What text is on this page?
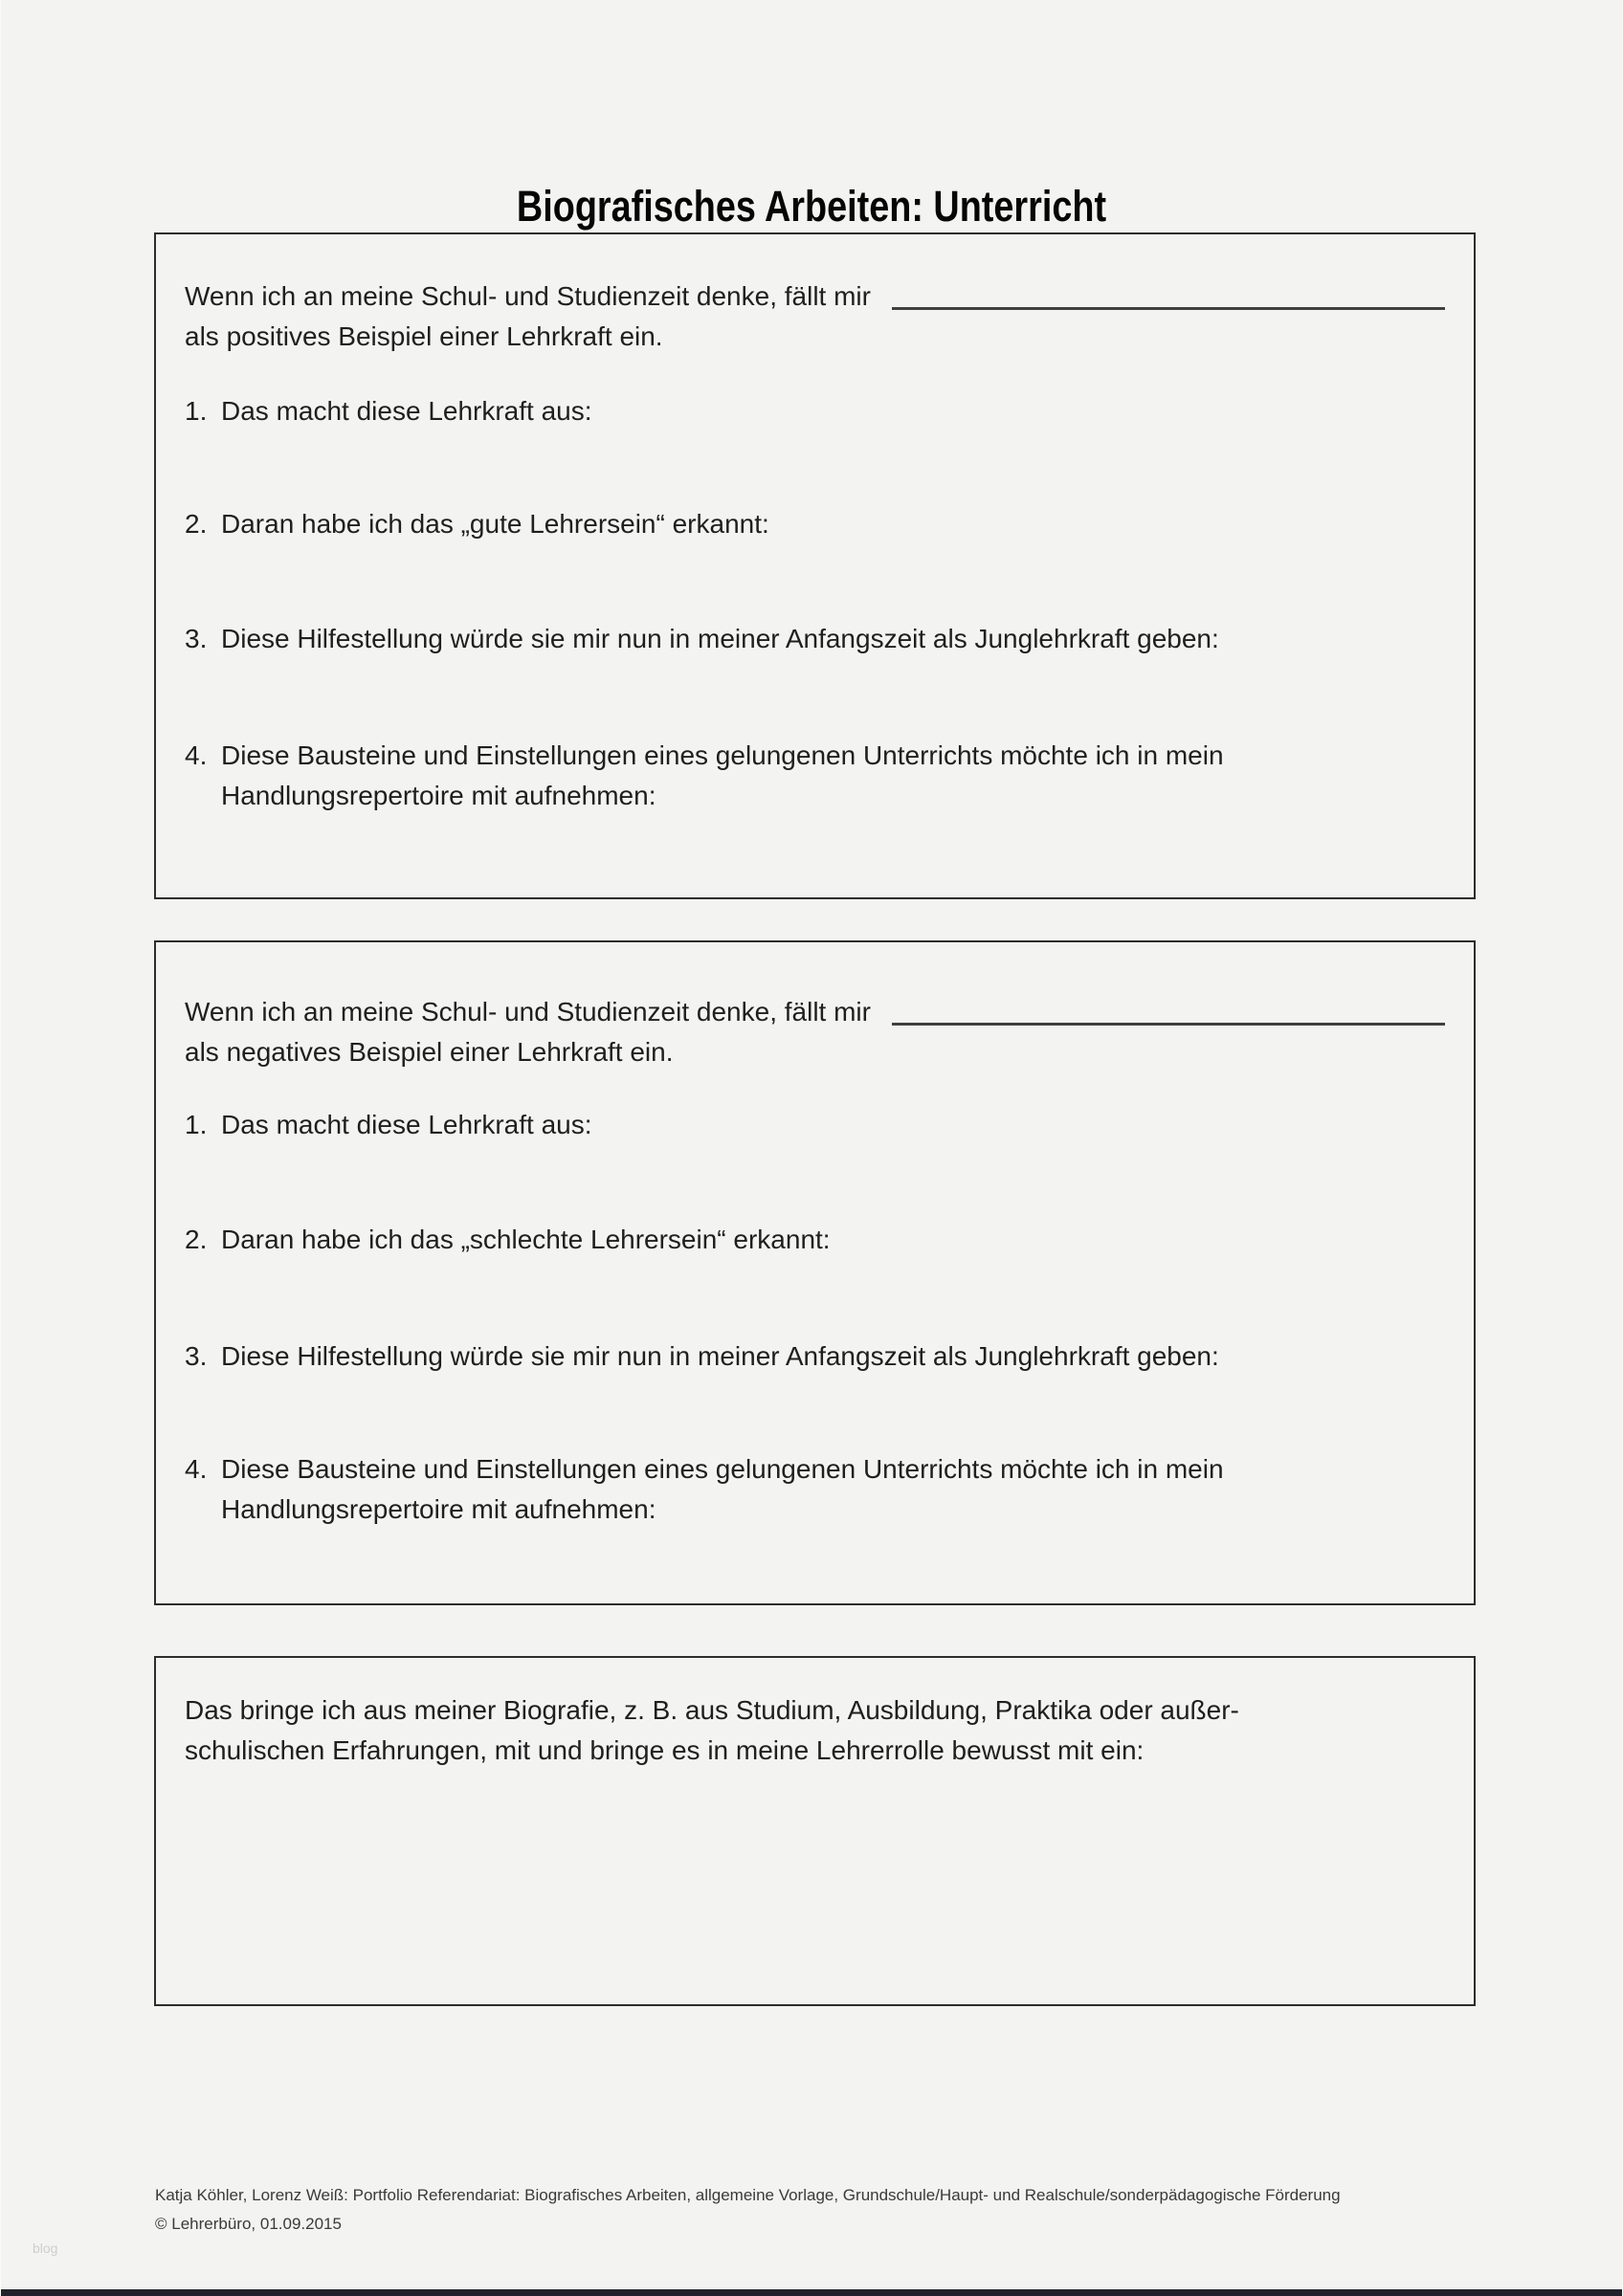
Biografisches Arbeiten: Unterricht
Wenn ich an meine Schul- und Studienzeit denke, fällt mir
als positives Beispiel einer Lehrkraft ein.

1. Das macht diese Lehrkraft aus:

2. Daran habe ich das „gute Lehrersein“ erkannt:

3. Diese Hilfestellung würde sie mir nun in meiner Anfangszeit als Junglehrkraft geben:

4. Diese Bausteine und Einstellungen eines gelungenen Unterrichts möchte ich in mein
Handlungsrepertoire mit aufnehmen:

Wenn ich an meine Schul- und Studienzeit denke, fällt mir
als negatives Beispiel einer Lehrkraft ein.

1. Das macht diese Lehrkraft aus:

2. Daran habe ich das „schlechte Lehrersein“ erkannt:

3. Diese Hilfestellung würde sie mir nun in meiner Anfangszeit als Junglehrkraft geben:

4. Diese Bausteine und Einstellungen eines gelungenen Unterrichts möchte ich in mein
Handlungsrepertoire mit aufnehmen:

Das bringe ich aus meiner Biografie, z. B. aus Studium, Ausbildung, Praktika oder außer-
schulischen Erfahrungen, mit und bringe es in meine Lehrerrolle bewusst mit ein:
Katja Köhler, Lorenz Weiß: Portfolio Referendariat: Biografisches Arbeiten, allgemeine Vorlage, Grundschule/Haupt- und Realschule/sonderpädagogische Förderung
© Lehrerbüro, 01.09.2015
blog
